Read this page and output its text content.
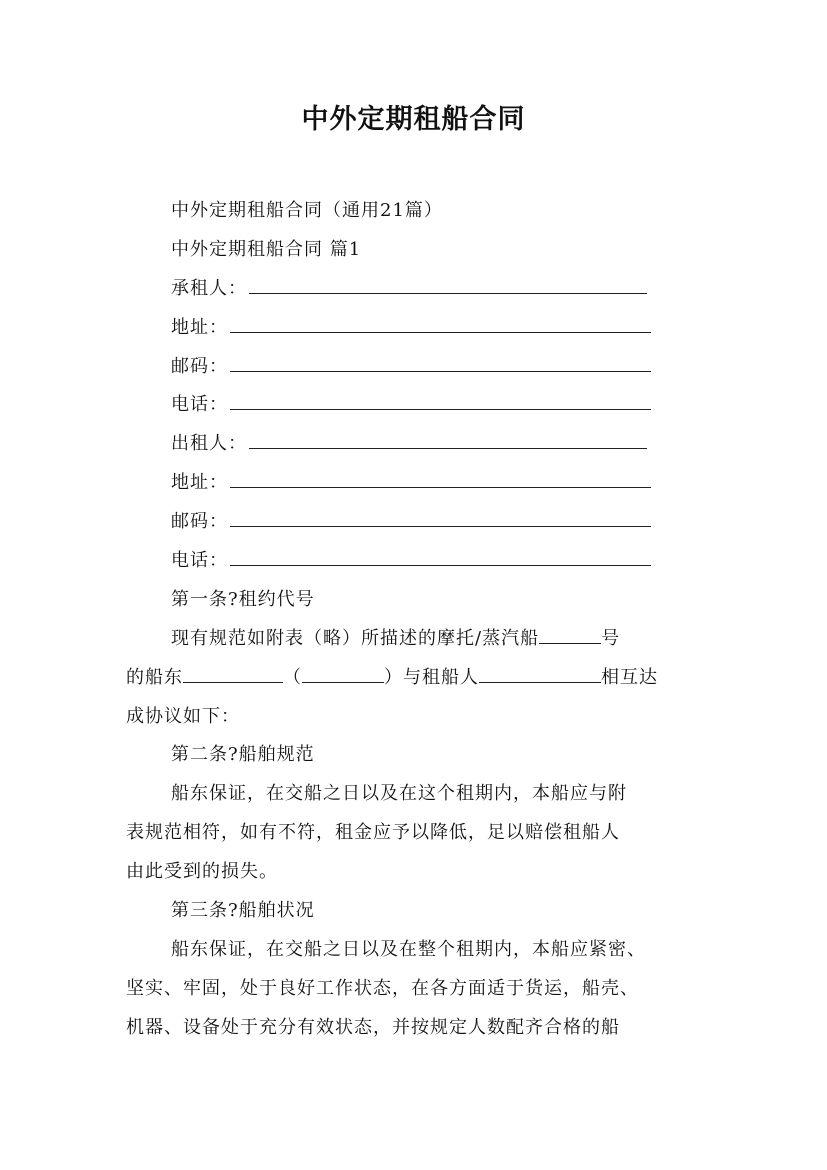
中外定期租船合同
中外定期租船合同（通用21篇）
中外定期租船合同 篇1
承租人：
地址：
邮码：
电话：
出租人：
地址：
邮码：
电话：
第一条?租约代号
现有规范如附表（略）所描述的摩托/蒸汽船	号
的船东	（	）与租船人	相互达
成协议如下：
第二条?船舶规范
船东保证，在交船之日以及在这个租期内，本船应与附
表规范相符，如有不符，租金应予以降低，足以赔偿租船人
由此受到的损失。
第三条?船舶状况
船东保证，在交船之日以及在整个租期内，本船应紧密、
坚实、牢固，处于良好工作状态，在各方面适于货运，船壳、
机器、设备处于充分有效状态，并按规定人数配齐合格的船
